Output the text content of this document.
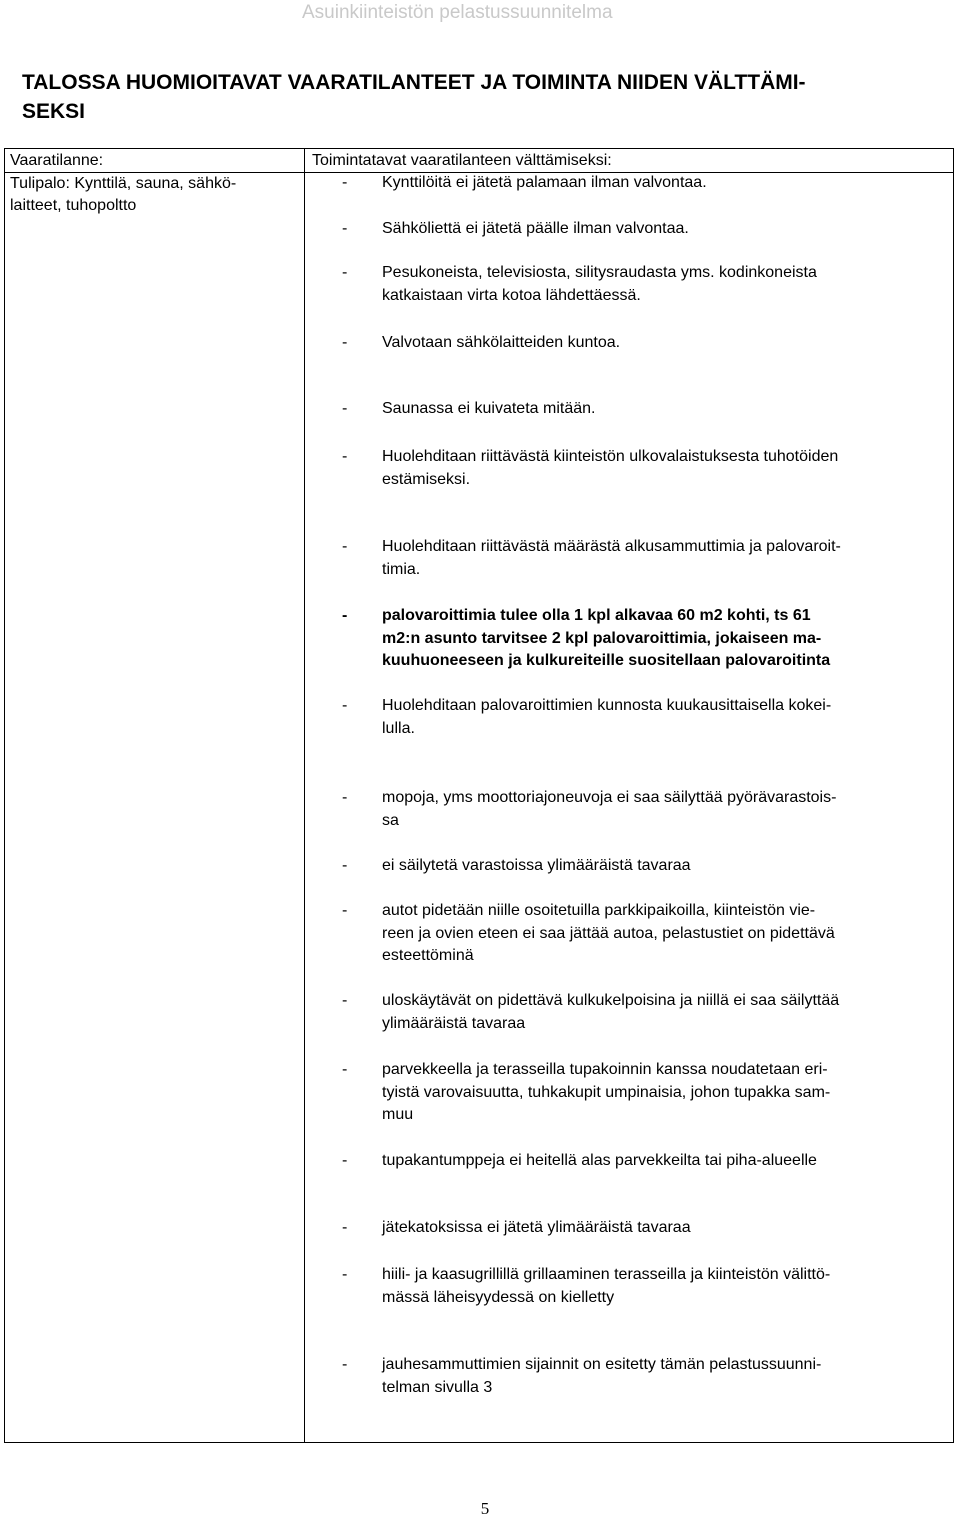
Asuinkiinteistön pelastussuunnitelma
TALOSSA HUOMIOITAVAT VAARATILANTEET JA TOIMINTA NIIDEN VÄLTTÄMI-
SEKSI
Vaaratilanne:	Toimintatavat vaaratilanteen välttämiseksi:
Tulipalo: Kynttilä, sauna, sähkö-
laitteet, tuhopoltto
- Kynttilöitä ei jätetä palamaan ilman valvontaa.
- Sähköliettä ei jätetä päälle ilman valvontaa.
- Pesukoneista, televisiosta, silitysraudasta yms. kodinkoneista
katkaistaan virta kotoa lähdettäessä.
- Valvotaan sähkölaitteiden kuntoa.
- Saunassa ei kuivateta mitään.
- Huolehditaan riittävästä kiinteistön ulkovalaistuksesta tuhotöiden
estämiseksi.
- Huolehditaan riittävästä määrästä alkusammuttimia ja palovaroit-
timia.
- palovaroittimia tulee olla 1 kpl alkavaa 60 m2 kohti, ts 61
m2:n asunto tarvitsee 2 kpl palovaroittimia, jokaiseen ma-
kuuhuoneeseen ja kulkureiteille suositellaan palovaroitinta
- Huolehditaan palovaroittimien kunnosta kuukausittaisella kokei-
lulla.
- mopoja, yms moottoriajoneuvoja ei saa säilyttää pyörävarastois-
sa
- ei säilytetä varastoissa ylimääräistä tavaraa
- autot pidetään niille osoitetuilla parkkipaikoilla, kiinteistön vie-
reen ja ovien eteen ei saa jättää autoa, pelastustiet on pidettävä
esteettöminä
- uloskäytävät on pidettävä kulkukelpoisina ja niillä ei saa säilyttää
ylimääräistä tavaraa
- parvekkeella ja terasseilla tupakoinnin kanssa noudatetaan eri-
tyistä varovaisuutta, tuhkakupit umpinaisia, johon tupakka sam-
muu
- tupakantumppeja ei heitellä alas parvekkeilta tai piha-alueelle
- jätekatoksissa ei jätetä ylimääräistä tavaraa
- hiili- ja kaasugrillillä grillaaminen terasseilla ja kiinteistön välittö-
mässä läheisyydessä on kielletty
- jauhesammuttimien sijainnit on esitetty tämän pelastussuunni-
telman sivulla 3
5
